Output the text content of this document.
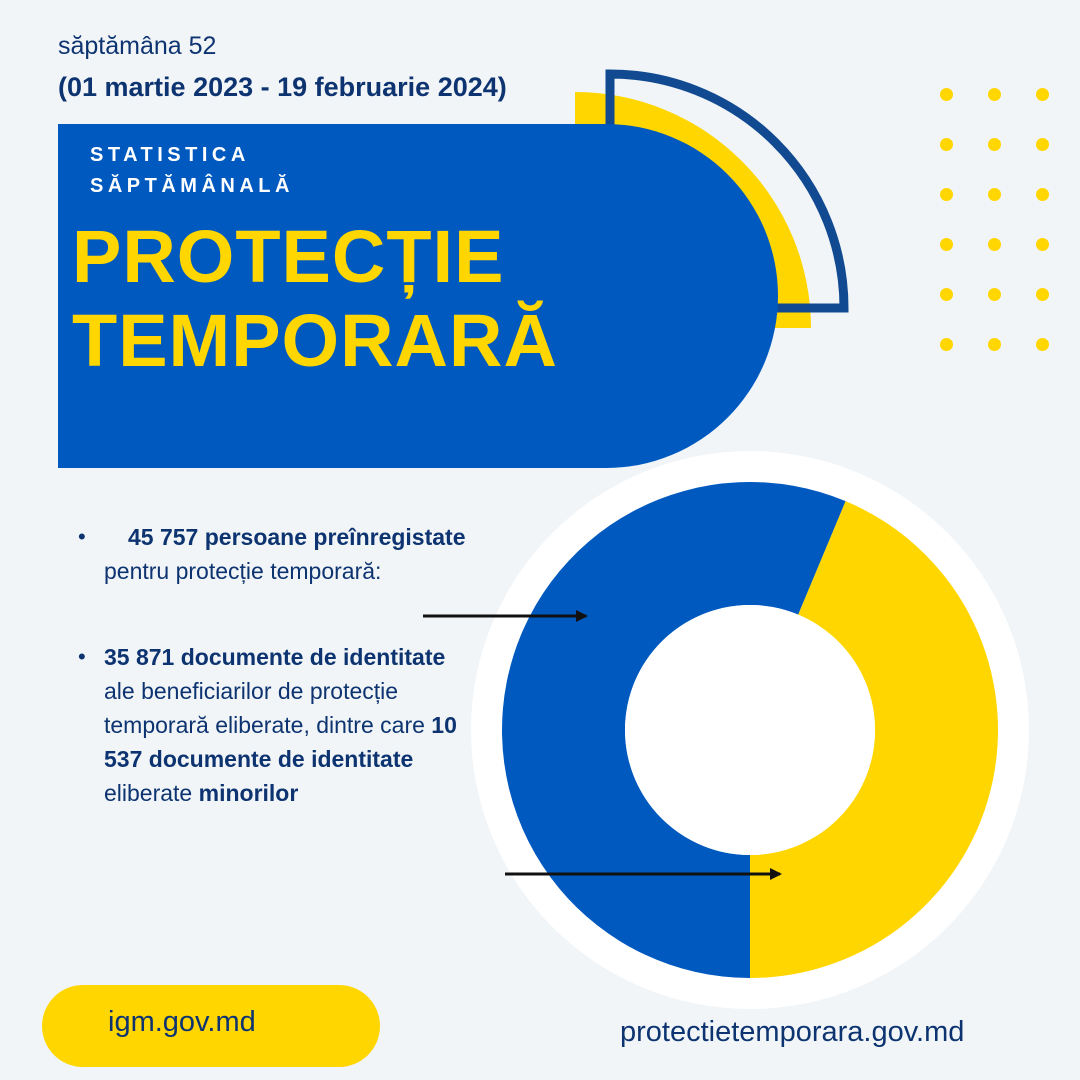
săptămâna 52
(01 martie 2023 - 19 februarie 2024)
STATISTICA
SĂPTĂMÂNALĂ
PROTECȚIE
TEMPORARĂ
• 45 757 persoane preînregistate pentru protecție temporară:
• 35 871 documente de identitate ale beneficiarilor de protecție temporară eliberate, dintre care 10 537 documente de identitate eliberate minorilor
igm.gov.md	protectietemporara.gov.md
